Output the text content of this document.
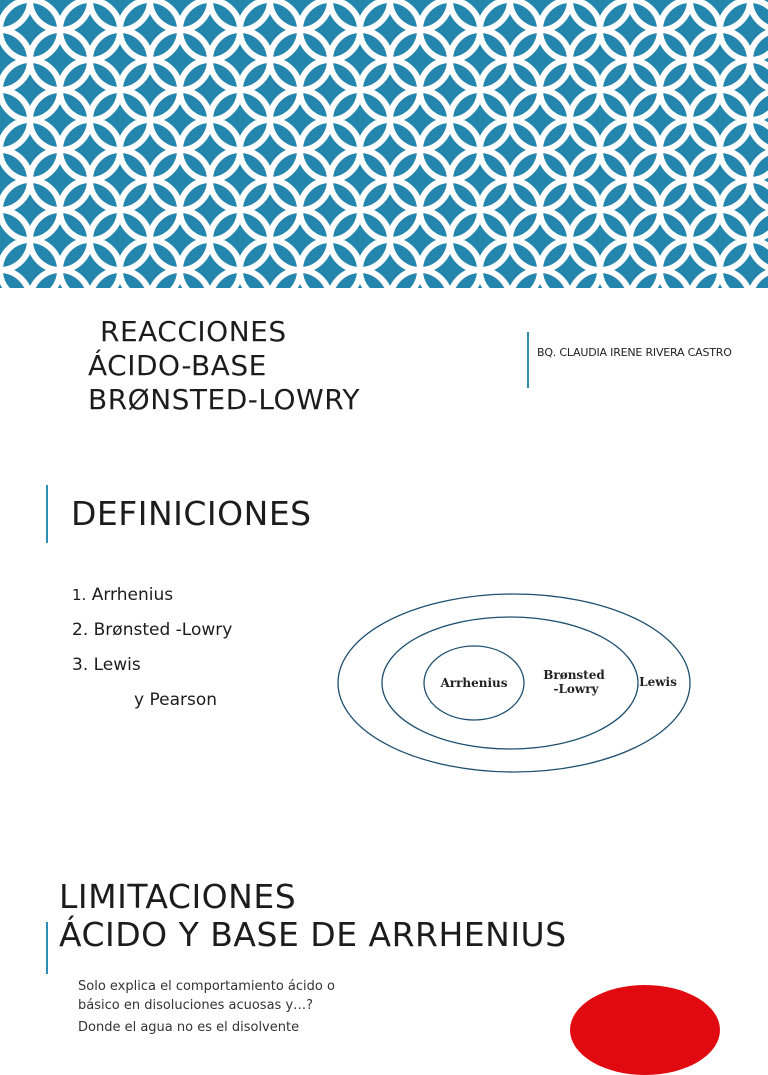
REACCIONES
ÁCIDO-BASE
BRØNSTED-LOWRY
BQ. CLAUDIA IRENE RIVERA CASTRO
DEFINICIONES
1. Arrhenius
2. Brønsted -Lowry
3. Lewis
y Pearson
Arrhenius
Brønsted
-Lowry	Lewis
LIMITACIONES
ÁCIDO Y BASE DE ARRHENIUS
Solo explica el comportamiento ácido o básico en disoluciones acuosas y…?
Donde el agua no es el disolvente
